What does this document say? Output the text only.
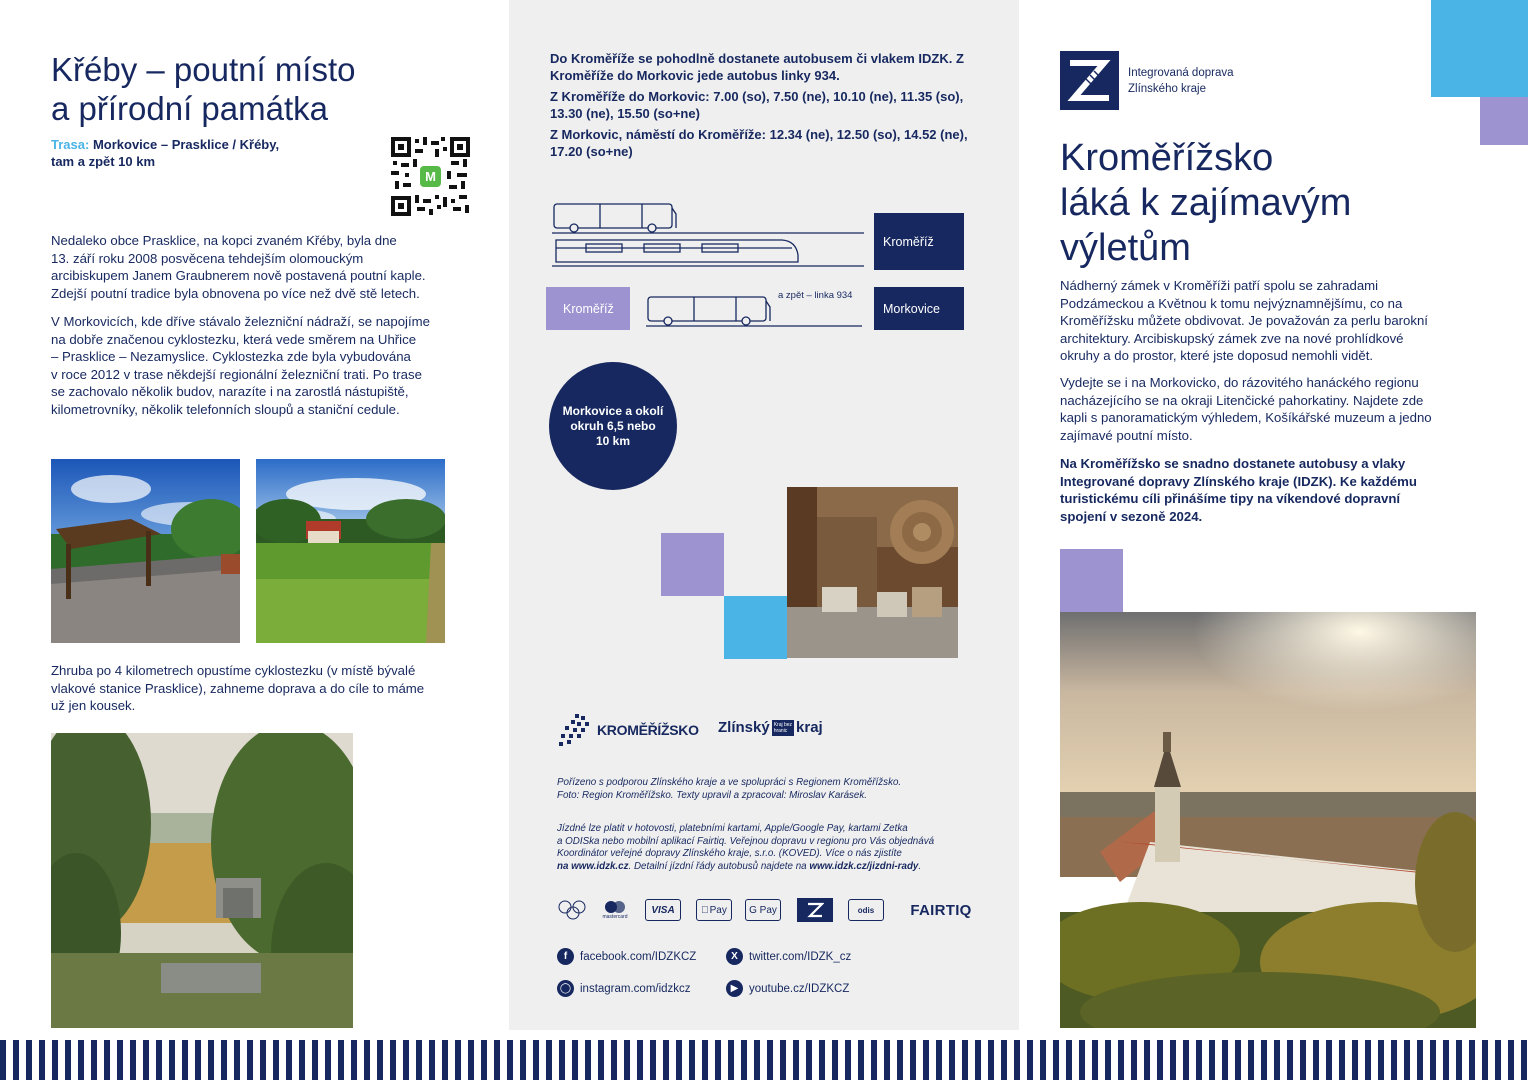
Křéby – poutní místo
a přírodní památka
Trasa: Morkovice – Prasklice / Křéby,
tam a zpět 10 km
M
Nedaleko obce Prasklice, na kopci zvaném Křéby, byla dne
13. září roku 2008 posvěcena tehdejším olomouckým
arcibiskupem Janem Graubnerem nově postavená poutní kaple.
Zdejší poutní tradice byla obnovena po více než dvě stě letech.
V Morkovicích, kde dříve stávalo železniční nádraží, se napojíme
na dobře značenou cyklostezku, která vede směrem na Uhřice
– Prasklice – Nezamyslice. Cyklostezka zde byla vybudována
v roce 2012 v trase někdejší regionální železniční trati. Po trase
se zachovalo několik budov, narazíte i na zarostlá nástupiště,
kilometrovníky, několik telefonních sloupů a staniční cedule.
Zhruba po 4 kilometrech opustíme cyklostezku (v místě bývalé
vlakové stanice Prasklice), zahneme doprava a do cíle to máme
už jen kousek.

Do Kroměříže se pohodlně dostanete autobusem či vlakem IDZK. Z Kroměříže do Morkovic jede autobus linky 934.

Z Kroměříže do Morkovic: 7.00 (so), 7.50 (ne), 10.10 (ne), 11.35 (so), 13.30 (ne), 15.50 (so+ne)

Z Morkovic, náměstí do Kroměříže: 12.34 (ne), 12.50 (so), 14.52 (ne), 17.20 (so+ne)

Kroměříž
Kroměříž
a zpět – linka 934
Morkovice
Morkovice a okolí
okruh 6,5 nebo
10 km
KROMĚŘÍŽSKO Zlínský Kraj bez
hranic kraj
Pořízeno s podporou Zlínského kraje a ve spolupráci s Regionem Kroměřížsko.
Foto: Region Kroměřížsko. Texty upravil a zpracoval: Miroslav Karásek.
Jízdné lze platit v hotovosti, platebními kartami, Apple/Google Pay, kartami Zetka
a ODISka nebo mobilní aplikací Fairtiq. Veřejnou dopravu v regionu pro Vás objednává
Koordinátor veřejné dopravy Zlínského kraje, s.r.o. (KOVED). Více o nás zjistíte
na www.idzk.cz. Detailní jízdní řády autobusů najdete na www.idzk.cz/jizdni-rady.
mastercard
VISA	Pay	G Pay	odis	FAIRTIQ
f	facebook.com/IDZKCZ	X twitter.com/IDZK_cz
◯ instagram.com/idzkcz	▶ youtube.cz/IDZKCZ
Integrovaná doprava
Zlínského kraje
Kroměřížsko
láká k zajímavým
výletům
Nádherný zámek v Kroměříži patří spolu se zahradami
Podzámeckou a Květnou k tomu nejvýznamnějšímu, co na
Kroměřížsku můžete obdivovat. Je považován za perlu barokní
architektury. Arcibiskupský zámek zve na nové prohlídkové
okruhy a do prostor, které jste doposud nemohli vidět.
Vydejte se i na Morkovicko, do rázovitého hanáckého regionu
nacházejícího se na okraji Litenčické pahorkatiny. Najdete zde
kapli s panoramatickým výhledem, Košíkářské muzeum a jedno
zajímavé poutní místo.
Na Kroměřížsko se snadno dostanete autobusy a vlaky
Integrované dopravy Zlínského kraje (IDZK). Ke každému
turistickému cíli přinášíme tipy na víkendové dopravní
spojení v sezoně 2024.
